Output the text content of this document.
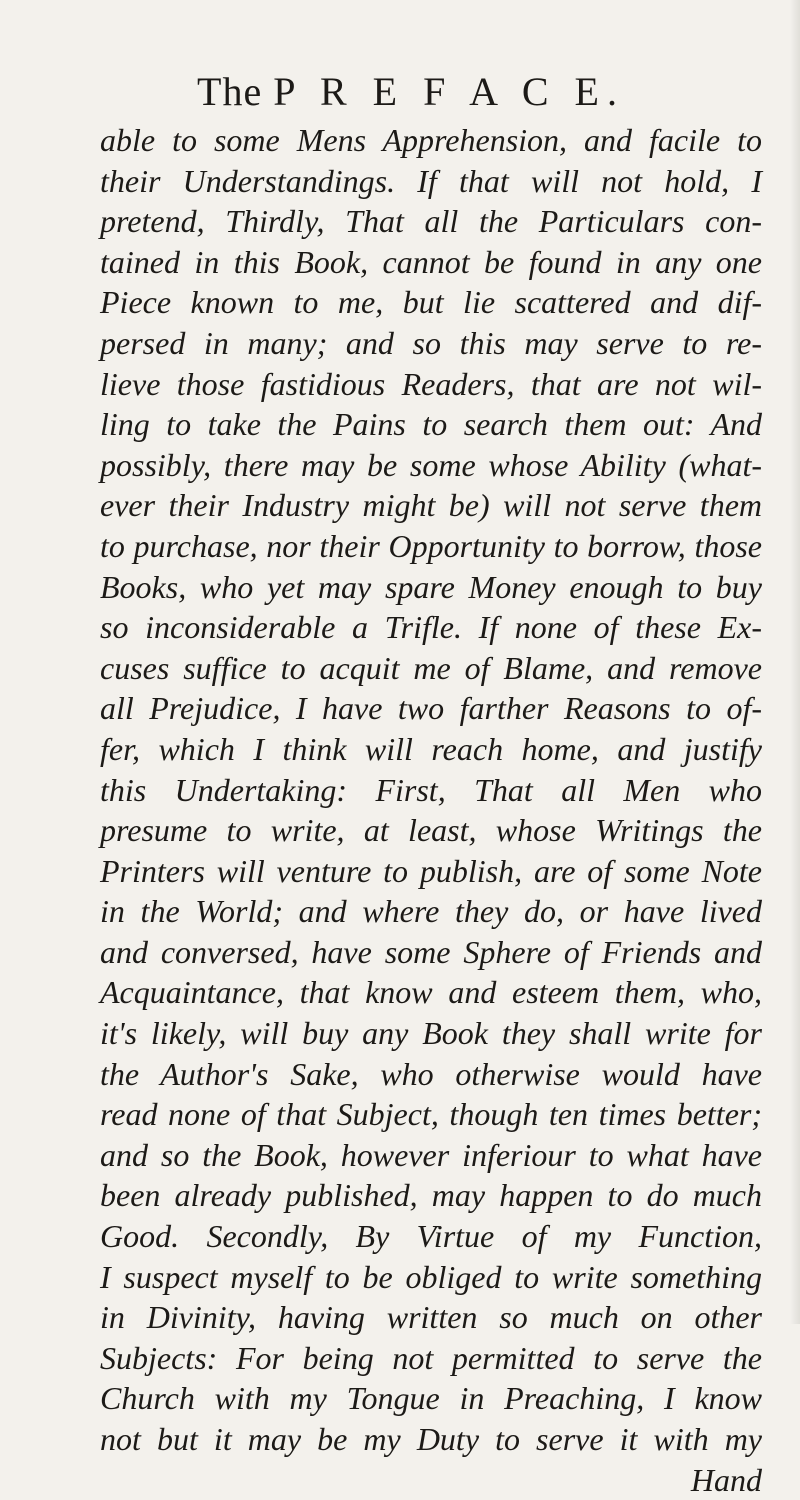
The P R E F A C E.
able to some Mens Apprehension, and facile to
their Understandings. If that will not hold, I
pretend, Thirdly, That all the Particulars con-
tained in this Book, cannot be found in any one
Piece known to me, but lie scattered and dif-
persed in many; and so this may serve to re-
lieve those fastidious Readers, that are not wil-
ling to take the Pains to search them out: And
possibly, there may be some whose Ability (what-
ever their Industry might be) will not serve them
to purchase, nor their Opportunity to borrow, those
Books, who yet may spare Money enough to buy
so inconsiderable a Trifle. If none of these Ex-
cuses suffice to acquit me of Blame, and remove
all Prejudice, I have two farther Reasons to of-
fer, which I think will reach home, and justify
this Undertaking: First, That all Men who
presume to write, at least, whose Writings the
Printers will venture to publish, are of some Note
in the World; and where they do, or have lived
and conversed, have some Sphere of Friends and
Acquaintance, that know and esteem them, who,
it's likely, will buy any Book they shall write for
the Author's Sake, who otherwise would have
read none of that Subject, though ten times better;
and so the Book, however inferiour to what have
been already published, may happen to do much
Good. Secondly, By Virtue of my Function,
I suspect myself to be obliged to write something
in Divinity, having written so much on other
Subjects: For being not permitted to serve the
Church with my Tongue in Preaching, I know
not but it may be my Duty to serve it with my
Hand
